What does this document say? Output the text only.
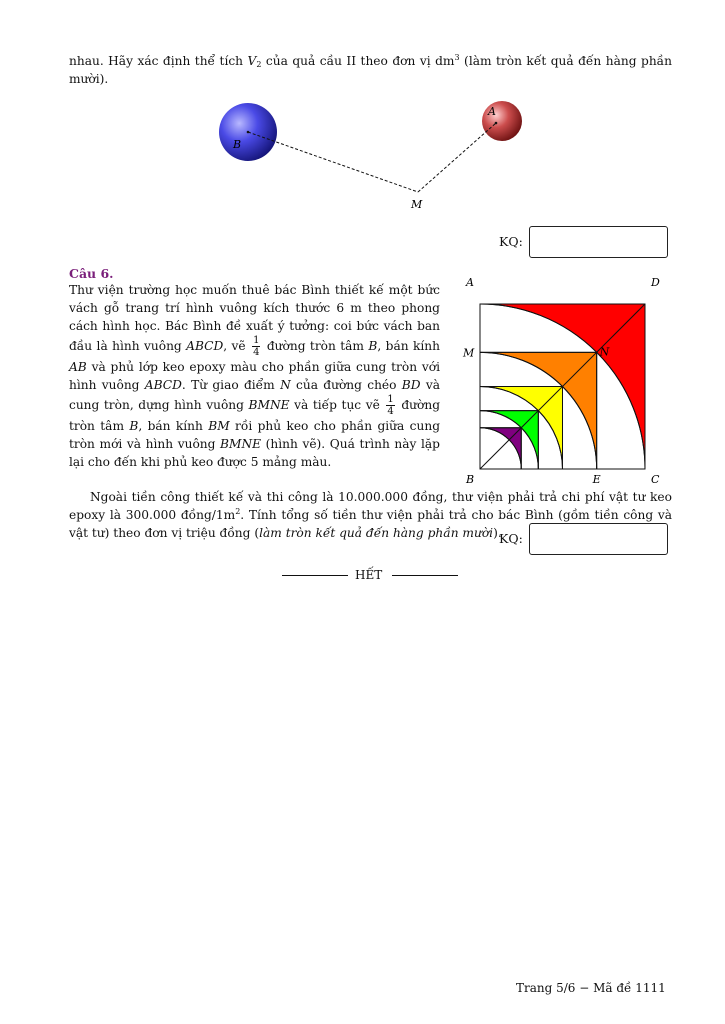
nhau. Hãy xác định thể tích $V_2$ của quả cầu II theo đơn vị $dm^3$ (làm tròn kết quả đến hàng phần mười).
B
A
M
KQ:
Câu 6.
Thư viện trường học muốn thuê bác Bình thiết kế một bức vách gỗ trang trí hình vuông kích thước 6 m theo phong cách hình học. Bác Bình đề xuất ý tưởng: coi bức vách ban đầu là hình vuông ABCD, vẽ $\frac{1}{4}$ đường tròn tâm B, bán kính AB và phủ lớp keo epoxy màu cho phần giữa cung tròn với hình vuông ABCD. Từ giao điểm N của đường chéo BD và cung tròn, dựng hình vuông BMNE và tiếp tục vẽ $\frac{1}{4}$ đường tròn tâm B, bán kính BM rồi phủ keo cho phần giữa cung tròn mới và hình vuông BMNE (hình vẽ). Quá trình này lặp lại cho đến khi phủ keo được 5 mảng màu.
A	D
B	C
E
M	N
Ngoài tiền công thiết kế và thi công là 10.000.000 đồng, thư viện phải trả chi phí vật tư keo epoxy là 300.000 đồng/$1m^2$. Tính tổng số tiền thư viện phải trả cho bác Bình (gồm tiền công và vật tư) theo đơn vị triệu đồng (làm tròn kết quả đến hàng phần mười).
KQ:
HẾT
Trang 5/6 − Mã đề 1111
